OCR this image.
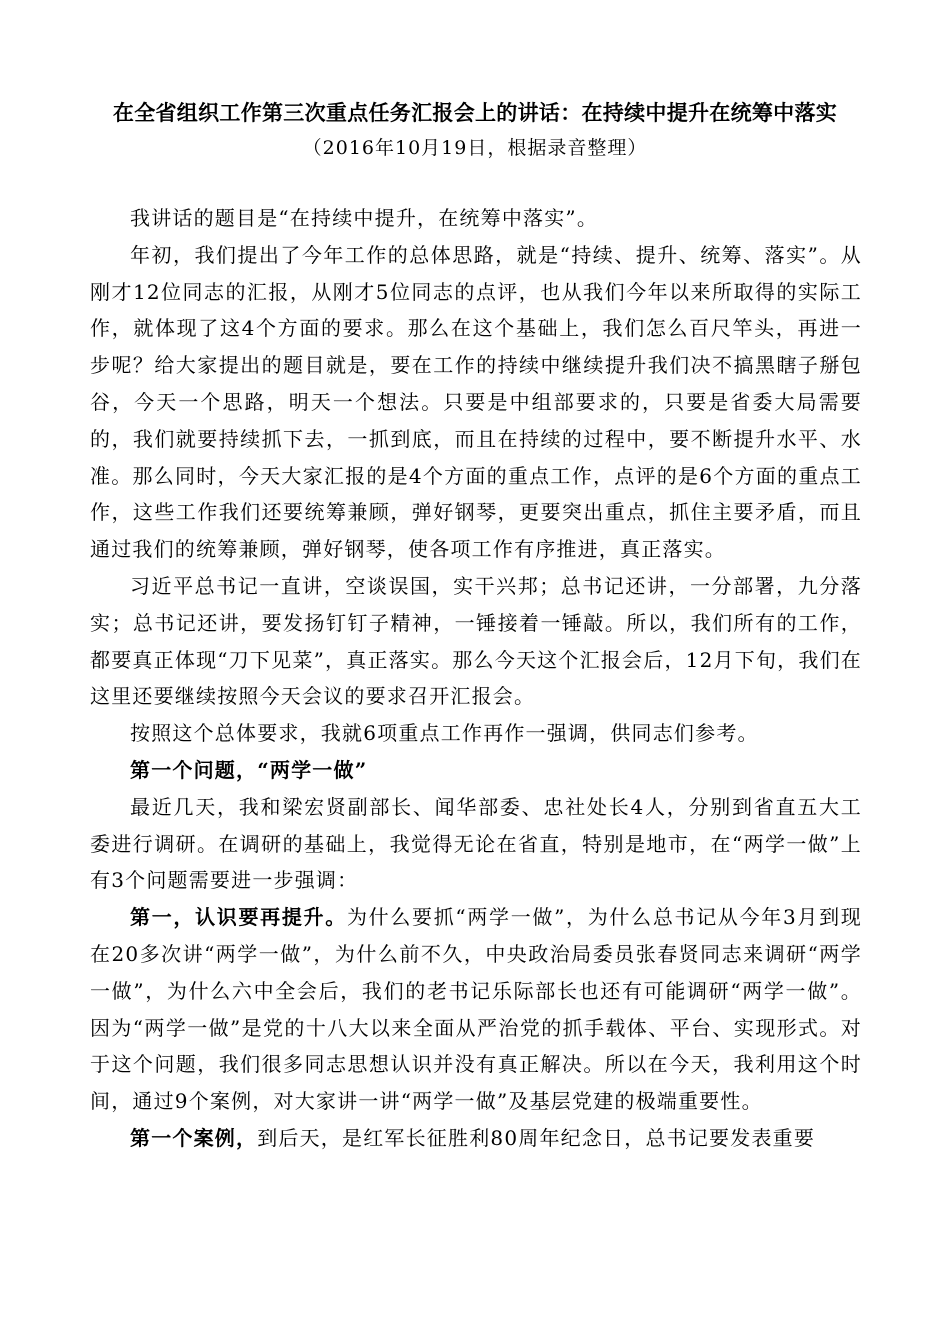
在全省组织工作第三次重点任务汇报会上的讲话：在持续中提升在统筹中落实
（2016年10月19日，根据录音整理）

我讲话的题目是“在持续中提升，在统筹中落实”。

年初，我们提出了今年工作的总体思路，就是“持续、提升、统筹、落实”。从刚才12位同志的汇报，从刚才5位同志的点评，也从我们今年以来所取得的实际工作，就体现了这4个方面的要求。那么在这个基础上，我们怎么百尺竿头，再进一步呢？给大家提出的题目就是，要在工作的持续中继续提升我们决不搞黑瞎子掰包谷，今天一个思路，明天一个想法。只要是中组部要求的，只要是省委大局需要的，我们就要持续抓下去，一抓到底，而且在持续的过程中，要不断提升水平、水准。那么同时，今天大家汇报的是4个方面的重点工作，点评的是6个方面的重点工作，这些工作我们还要统筹兼顾，弹好钢琴，更要突出重点，抓住主要矛盾，而且通过我们的统筹兼顾，弹好钢琴，使各项工作有序推进，真正落实。

习近平总书记一直讲，空谈误国，实干兴邦；总书记还讲，一分部署，九分落实；总书记还讲，要发扬钉钉子精神，一锤接着一锤敲。所以，我们所有的工作，都要真正体现“刀下见菜”，真正落实。那么今天这个汇报会后，12月下旬，我们在这里还要继续按照今天会议的要求召开汇报会。

按照这个总体要求，我就6项重点工作再作一强调，供同志们参考。

第一个问题，“两学一做”

最近几天，我和梁宏贤副部长、闻华部委、忠社处长4人，分别到省直五大工委进行调研。在调研的基础上，我觉得无论在省直，特别是地市，在“两学一做”上有3个问题需要进一步强调：

第一，认识要再提升。为什么要抓“两学一做”，为什么总书记从今年3月到现在20多次讲“两学一做”，为什么前不久，中央政治局委员张春贤同志来调研“两学一做”，为什么六中全会后，我们的老书记乐际部长也还有可能调研“两学一做”。因为“两学一做”是党的十八大以来全面从严治党的抓手载体、平台、实现形式。对于这个问题，我们很多同志思想认识并没有真正解决。所以在今天，我利用这个时间，通过9个案例，对大家讲一讲“两学一做”及基层党建的极端重要性。

第一个案例，到后天，是红军长征胜利80周年纪念日，总书记要发表重要
